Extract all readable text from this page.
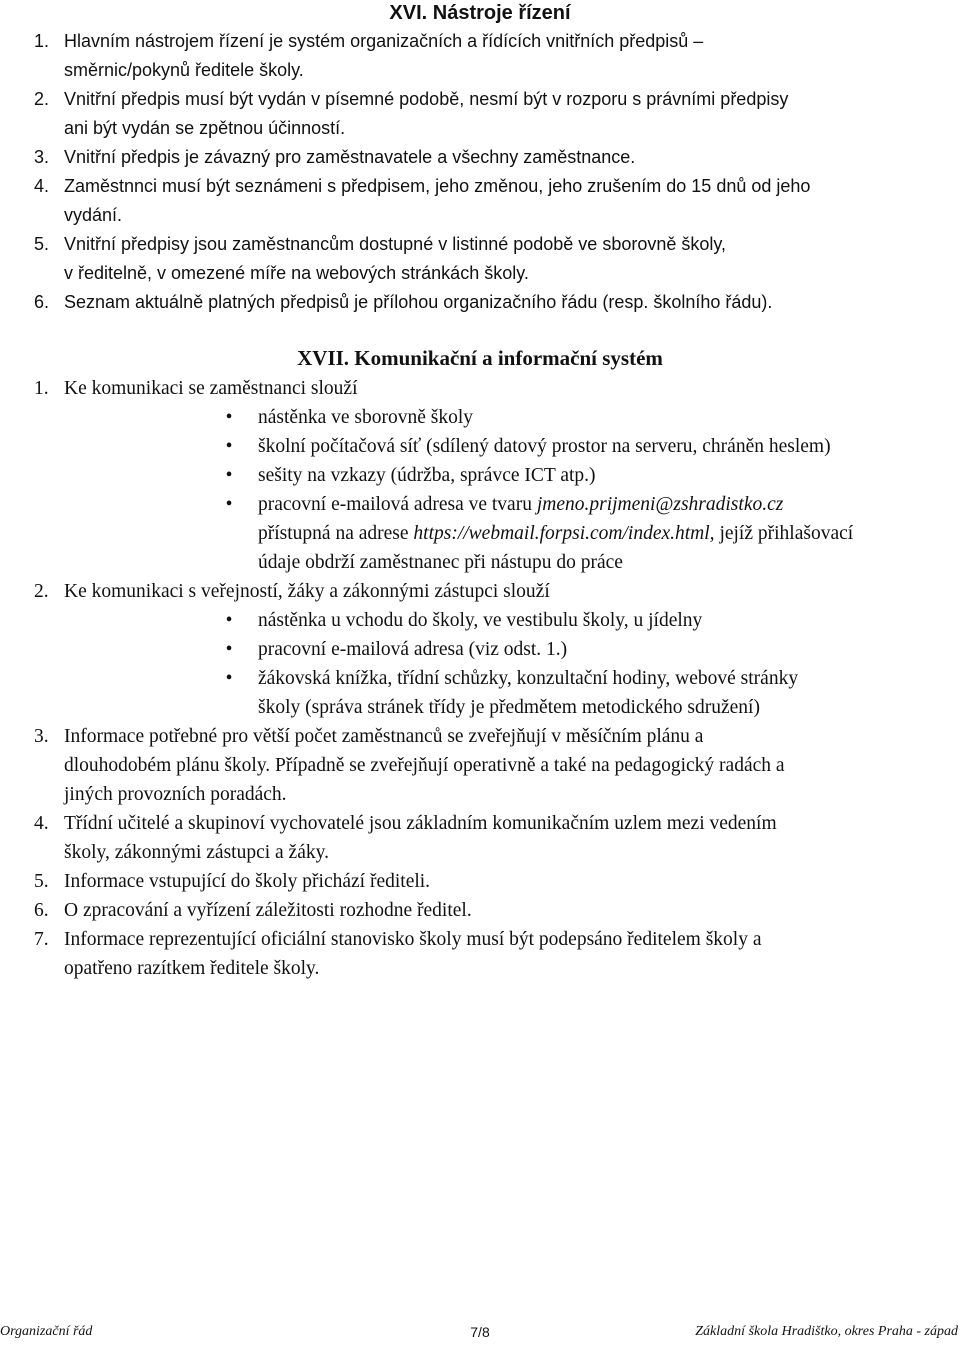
XVI. Nástroje řízení
1. Hlavním nástrojem řízení je systém organizačních a řídících vnitřních předpisů –
směrnic/pokynů ředitele školy.
2. Vnitřní předpis musí být vydán v písemné podobě, nesmí být v rozporu s právními předpisy
ani být vydán se zpětnou účinností.
3. Vnitřní předpis je závazný pro zaměstnavatele a všechny zaměstnance.
4. Zaměstnnci musí být seznámeni s předpisem, jeho změnou, jeho zrušením do 15 dnů od jeho
vydání.
5. Vnitřní předpisy jsou zaměstnancům dostupné v listinné podobě ve sborovně školy,
v ředitelně, v omezené míře na webových stránkách školy.
6. Seznam aktuálně platných předpisů je přílohou organizačního řádu (resp. školního řádu).
XVII. Komunikační a informační systém
1. Ke komunikaci se zaměstnanci slouží
•	nástěnka ve sborovně školy
•	školní počítačová síť (sdílený datový prostor na serveru, chráněn heslem)
•	sešity na vzkazy (údržba, správce ICT atp.)
•	pracovní e-mailová adresa ve tvaru jmeno.prijmeni@zshradistko.cz
přístupná na adrese https://webmail.forpsi.com/index.html, jejíž přihlašovací
údaje obdrží zaměstnanec při nástupu do práce
2. Ke komunikaci s veřejností, žáky a zákonnými zástupci slouží
•	nástěnka u vchodu do školy, ve vestibulu školy, u jídelny
•	pracovní e-mailová adresa (viz odst. 1.)
•	žákovská knížka, třídní schůzky, konzultační hodiny, webové stránky
školy (správa stránek třídy je předmětem metodického sdružení)
3. Informace potřebné pro větší počet zaměstnanců se zveřejňují v měsíčním plánu a
dlouhodobém plánu školy. Případně se zveřejňují operativně a také na pedagogický radách a
jiných provozních poradách.
4. Třídní učitelé a skupinoví vychovatelé jsou základním komunikačním uzlem mezi vedením
školy, zákonnými zástupci a žáky.
5. Informace vstupující do školy přichází řediteli.
6. O zpracování a vyřízení záležitosti rozhodne ředitel.
7. Informace reprezentující oficiální stanovisko školy musí být podepsáno ředitelem školy a
opatřeno razítkem ředitele školy.
Organizační řád	7/8	Základní škola Hradištko, okres Praha - západ
